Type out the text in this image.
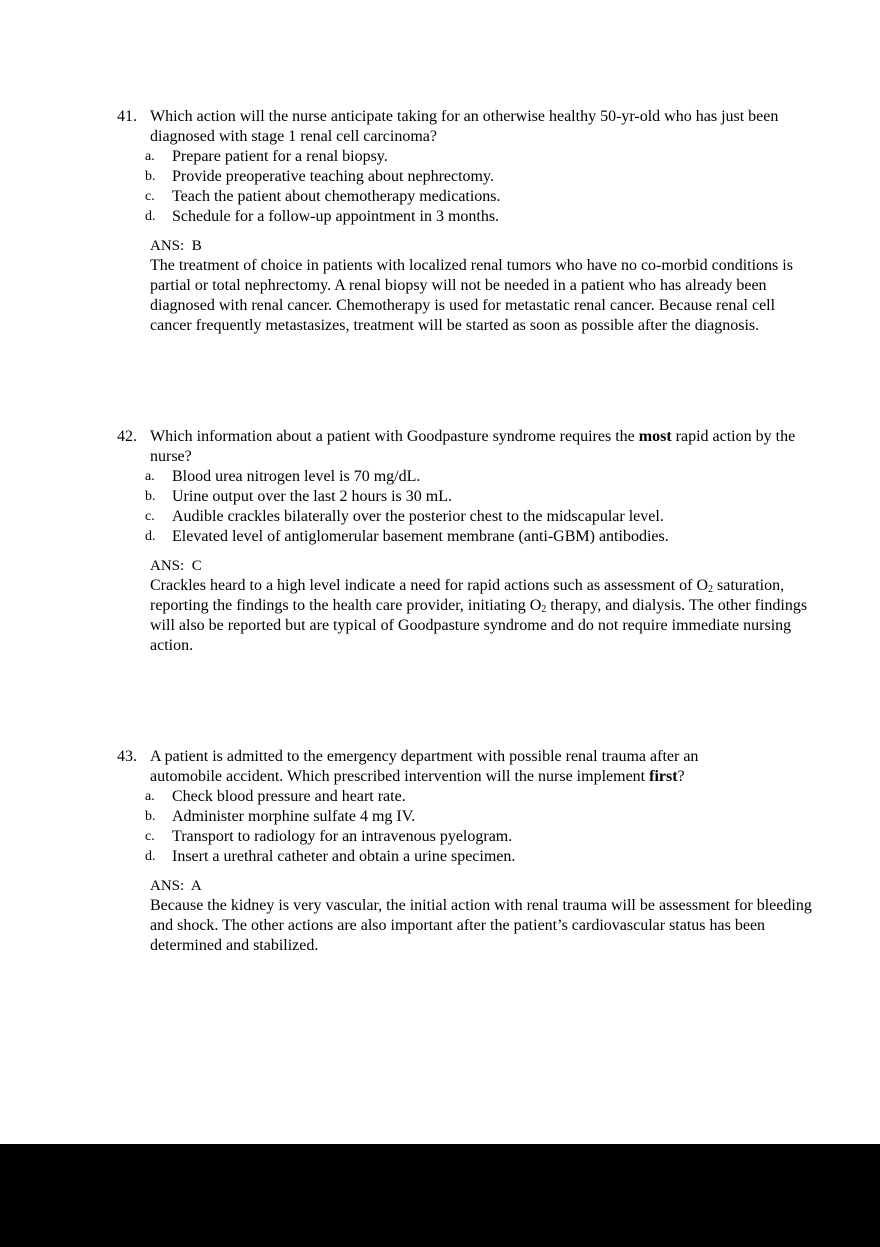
41. Which action will the nurse anticipate taking for an otherwise healthy 50-yr-old who has just been diagnosed with stage 1 renal cell carcinoma?
a. Prepare patient for a renal biopsy.
b. Provide preoperative teaching about nephrectomy.
c. Teach the patient about chemotherapy medications.
d. Schedule for a follow-up appointment in 3 months.
ANS: B
The treatment of choice in patients with localized renal tumors who have no co-morbid conditions is partial or total nephrectomy. A renal biopsy will not be needed in a patient who has already been diagnosed with renal cancer. Chemotherapy is used for metastatic renal cancer. Because renal cell cancer frequently metastasizes, treatment will be started as soon as possible after the diagnosis.
42. Which information about a patient with Goodpasture syndrome requires the most rapid action by the nurse?
a. Blood urea nitrogen level is 70 mg/dL.
b. Urine output over the last 2 hours is 30 mL.
c. Audible crackles bilaterally over the posterior chest to the midscapular level.
d. Elevated level of antiglomerular basement membrane (anti-GBM) antibodies.
ANS: C
Crackles heard to a high level indicate a need for rapid actions such as assessment of $O_2$ saturation, reporting the findings to the health care provider, initiating $O_2$ therapy, and dialysis. The other findings will also be reported but are typical of Goodpasture syndrome and do not require immediate nursing action.
43. A patient is admitted to the emergency department with possible renal trauma after an automobile accident. Which prescribed intervention will the nurse implement first?
a. Check blood pressure and heart rate.
b. Administer morphine sulfate 4 mg IV.
c. Transport to radiology for an intravenous pyelogram.
d. Insert a urethral catheter and obtain a urine specimen.
ANS: A
Because the kidney is very vascular, the initial action with renal trauma will be assessment for bleeding and shock. The other actions are also important after the patient’s cardiovascular status has been determined and stabilized.
